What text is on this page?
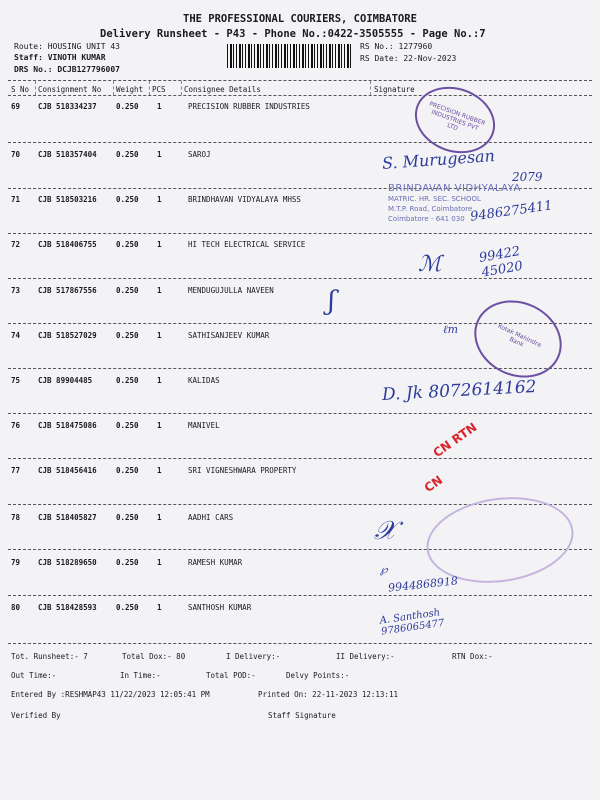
THE PROFESSIONAL COURIERS, COIMBATORE
Delivery Runsheet - P43 - Phone No.:0422-3505555 - Page No.:7
Route: HOUSING UNIT 43
Staff: VINOTH KUMAR
DRS No.: DCJB127796007
RS No.: 1277960
RS Date: 22-Nov-2023
S No Consignment No Weight PCS Consignee Details	Signature
69 CJB 518334237	0.250 1	PRECISION RUBBER INDUSTRIES
70 CJB 518357404	0.250 1	SAROJ
71 CJB 518503216	0.250 1	BRINDHAVAN VIDYALAYA MHSS
72 CJB 518406755	0.250 1	HI TECH ELECTRICAL SERVICE
73 CJB 517867556	0.250 1	MENDUGUJULLA NAVEEN
74 CJB 518527029	0.250 1	SATHISANJEEV KUMAR
75 CJB 89904485	0.250 1	KALIDAS
76 CJB 518475086	0.250 1	MANIVEL
77 CJB 518456416	0.250 1	SRI VIGNESHWARA PROPERTY
78 CJB 518405827	0.250 1	AADHI CARS
79 CJB 518289650	0.250 1	RAMESH KUMAR
80 CJB 518428593	0.250 1	SANTHOSH KUMAR
PRECISION RUBBER INDUSTRIES PVT LTD
S. Murugesan
2079
BRINDAVAN VIDHYALAYA
MATRIC. HR. SEC. SCHOOL
M.T.P. Road, Coimbatore
Coimbatore - 641 030 9486275411
ℳ	99422 45020
ʃ
ℓm	Kotak Mahindra Bank
D. Jk 8072614162
CN RTN
CN
𝒳
℘
9944868918
A. Santhosh 9786065477
Tot. Runsheet:- 7	Total Dox:- 80	I Delivery:-	II Delivery:-	RTN Dox:-
Out Time:-	In Time:-	Total POD:-	Delvy Points:-
Entered By :RESHMAP43 11/22/2023 12:05:41 PM	Printed On: 22-11-2023 12:13:11
Verified By	Staff Signature
